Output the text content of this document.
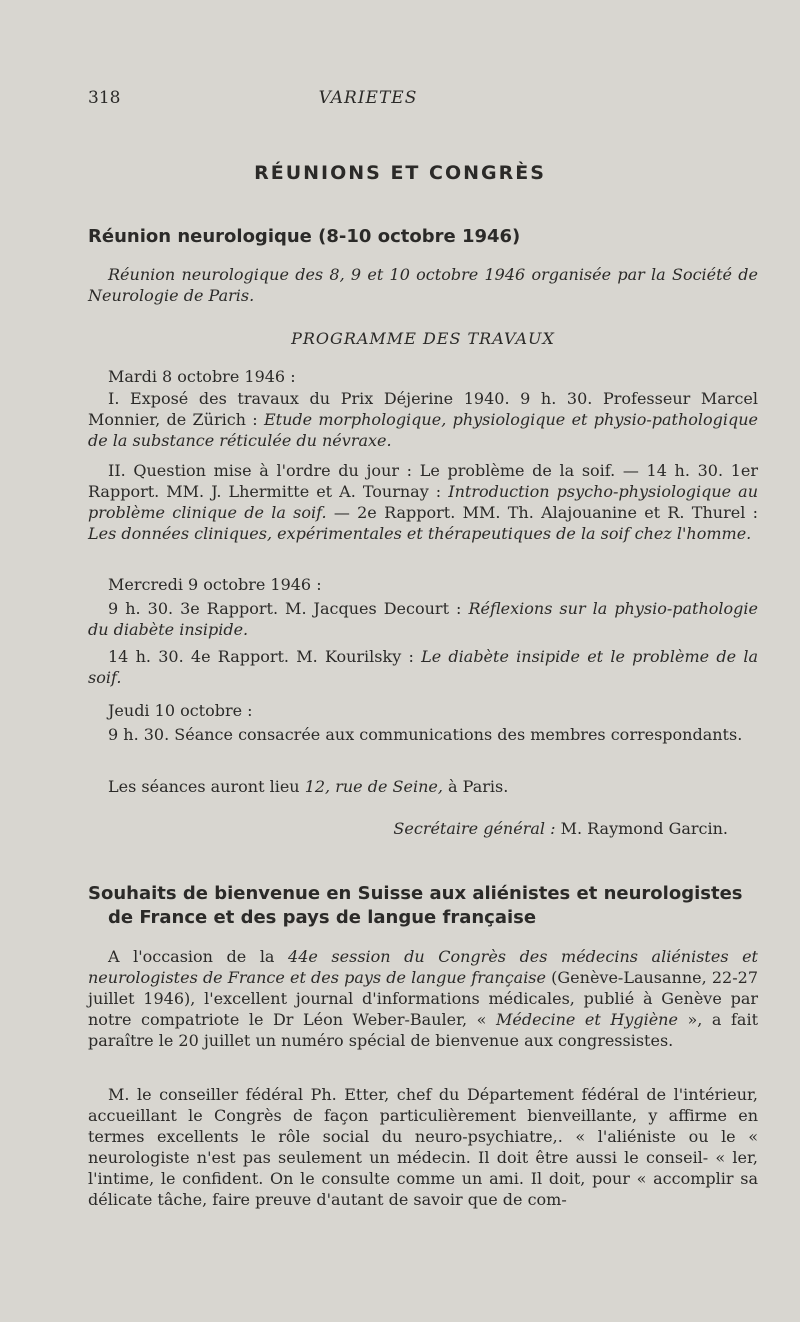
318	VARIETES
RÉUNIONS ET CONGRÈS
Réunion neurologique (8-10 octobre 1946)
Réunion neurologique des 8, 9 et 10 octobre 1946 organisée par la Société de Neurologie de Paris.
PROGRAMME DES TRAVAUX
Mardi 8 octobre 1946 :
I. Exposé des travaux du Prix Déjerine 1940. 9 h. 30. Professeur Marcel Monnier, de Zürich : Etude morphologique, physiologique et physio-pathologique de la substance réticulée du névraxe.
II. Question mise à l'ordre du jour : Le problème de la soif. — 14 h. 30. 1er Rapport. MM. J. Lhermitte et A. Tournay : Introduction psycho-physiologique au problème clinique de la soif. — 2e Rapport. MM. Th. Alajouanine et R. Thurel : Les données cliniques, expérimentales et thérapeutiques de la soif chez l'homme.
Mercredi 9 octobre 1946 :
9 h. 30. 3e Rapport. M. Jacques Decourt : Réflexions sur la physio-pathologie du diabète insipide.
14 h. 30. 4e Rapport. M. Kourilsky : Le diabète insipide et le problème de la soif.
Jeudi 10 octobre :
9 h. 30. Séance consacrée aux communications des membres correspondants.
Les séances auront lieu 12, rue de Seine, à Paris.
Secrétaire général : M. Raymond Garcin.
Souhaits de bienvenue en Suisse aux aliénistes et neurologistes
de France et des pays de langue française
A l'occasion de la 44e session du Congrès des médecins aliénistes et neurologistes de France et des pays de langue française (Genève-Lausanne, 22-27 juillet 1946), l'excellent journal d'informations médicales, publié à Genève par notre compatriote le Dr Léon Weber-Bauler, « Médecine et Hygiène », a fait paraître le 20 juillet un numéro spécial de bienvenue aux congressistes.
M. le conseiller fédéral Ph. Etter, chef du Département fédéral de l'intérieur, accueillant le Congrès de façon particulièrement bienveillante, y affirme en termes excellents le rôle social du neuro-psychiatre,. « l'aliéniste ou le « neurologiste n'est pas seulement un médecin. Il doit être aussi le conseil- « ler, l'intime, le confident. On le consulte comme un ami. Il doit, pour « accomplir sa délicate tâche, faire preuve d'autant de savoir que de com-
